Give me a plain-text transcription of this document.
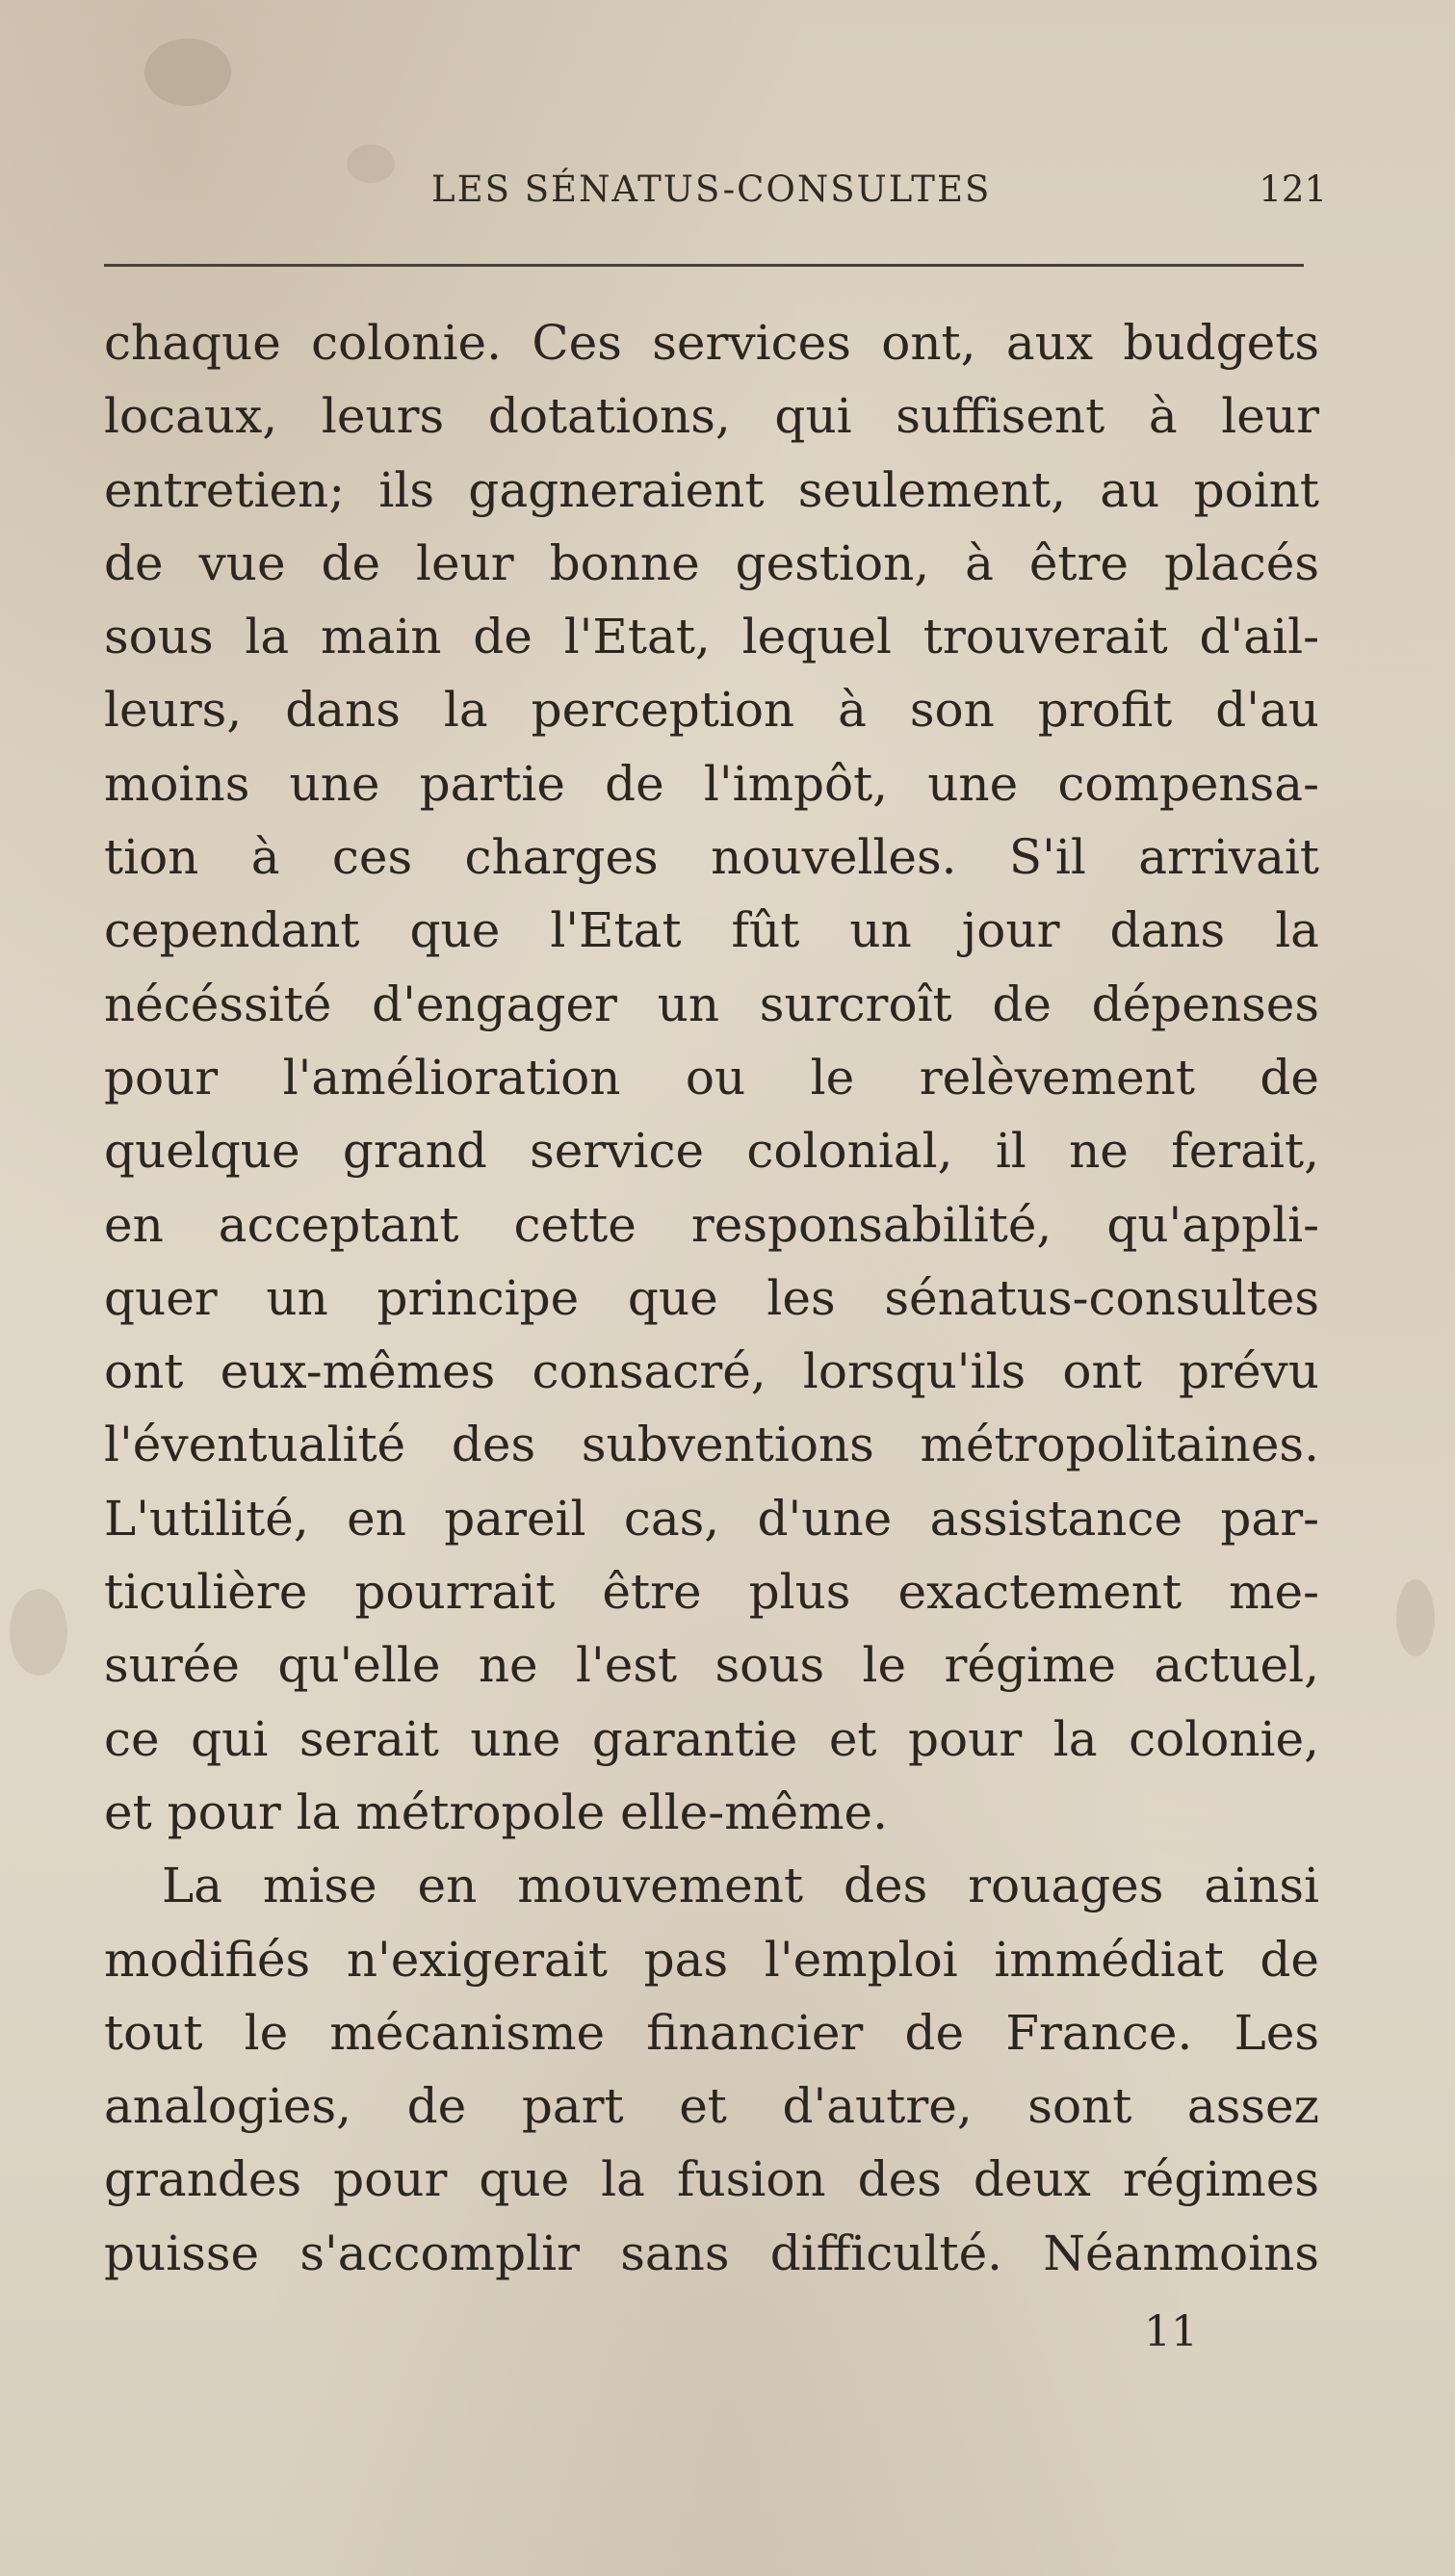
LES SÉNATUS-CONSULTES	121
chaque colonie. Ces services ont, aux budgets
locaux, leurs dotations, qui suffisent à leur
entretien; ils gagneraient seulement, au point
de vue de leur bonne gestion, à être placés
sous la main de l'Etat, lequel trouverait d'ail-
leurs, dans la perception à son profit d'au
moins une partie de l'impôt, une compensa-
tion à ces charges nouvelles. S'il arrivait
cependant que l'Etat fût un jour dans la
nécéssité d'engager un surcroît de dépenses
pour l'amélioration ou le relèvement de
quelque grand service colonial, il ne ferait,
en acceptant cette responsabilité, qu'appli-
quer un principe que les sénatus-consultes
ont eux-mêmes consacré, lorsqu'ils ont prévu
l'éventualité des subventions métropolitaines.
L'utilité, en pareil cas, d'une assistance par-
ticulière pourrait être plus exactement me-
surée qu'elle ne l'est sous le régime actuel,
ce qui serait une garantie et pour la colonie,
et pour la métropole elle-même.
La mise en mouvement des rouages ainsi
modifiés n'exigerait pas l'emploi immédiat de
tout le mécanisme financier de France. Les
analogies, de part et d'autre, sont assez
grandes pour que la fusion des deux régimes
puisse s'accomplir sans difficulté. Néanmoins
11
